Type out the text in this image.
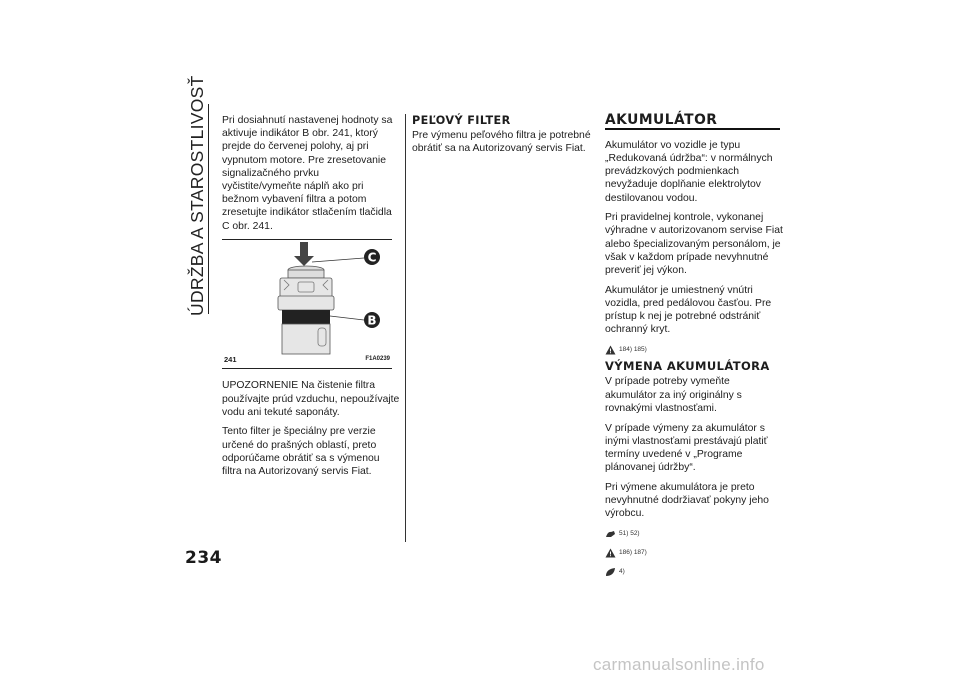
ÚDRŽBA A STAROSTLIVOSŤ Pri dosiahnutí nastavenej hodnoty sa aktivuje indikátor B obr. 241, ktorý prejde do červenej polohy, aj pri vypnutom motore. Pre zresetovanie signalizačného prvku vyčistite/vymeňte náplň ako pri bežnom vybavení filtra a potom zresetujte indikátor stlačením tlačidla C obr. 241.

C
B
241	F1A0239

UPOZORNENIE Na čistenie filtra používajte prúd vzduchu, nepoužívajte vodu ani tekuté saponáty.

Tento filter je špeciálny pre verzie určené do prašných oblastí, preto odporúčame obrátiť sa s výmenou filtra na Autorizovaný servis Fiat.

PEĽOVÝ FILTER

Pre výmenu peľového filtra je potrebné obrátiť sa na Autorizovaný servis Fiat.

AKUMULÁTOR

Akumulátor vo vozidle je typu „Redukovaná údržba“: v normálnych prevádzkových podmienkach nevyžaduje doplňanie elektrolytov destilovanou vodou.

Pri pravidelnej kontrole, vykonanej výhradne v autorizovanom servise Fiat alebo špecializovaným personálom, je však v každom prípade nevyhnutné preveriť jej výkon.

Akumulátor je umiestnený vnútri vozidla, pred pedálovou časťou. Pre prístup k nej je potrebné odstrániť ochranný kryt.

184) 185)
VÝMENA AKUMULÁTORA

V prípade potreby vymeňte akumulátor za iný originálny s rovnakými vlastnosťami.

V prípade výmeny za akumulátor s inými vlastnosťami prestávajú platiť termíny uvedené v „Programe plánovanej údržby“.

Pri výmene akumulátora je preto nevyhnutné dodržiavať pokyny jeho výrobcu.

51) 52)
186) 187)
4)
234
carmanualsonline.info
